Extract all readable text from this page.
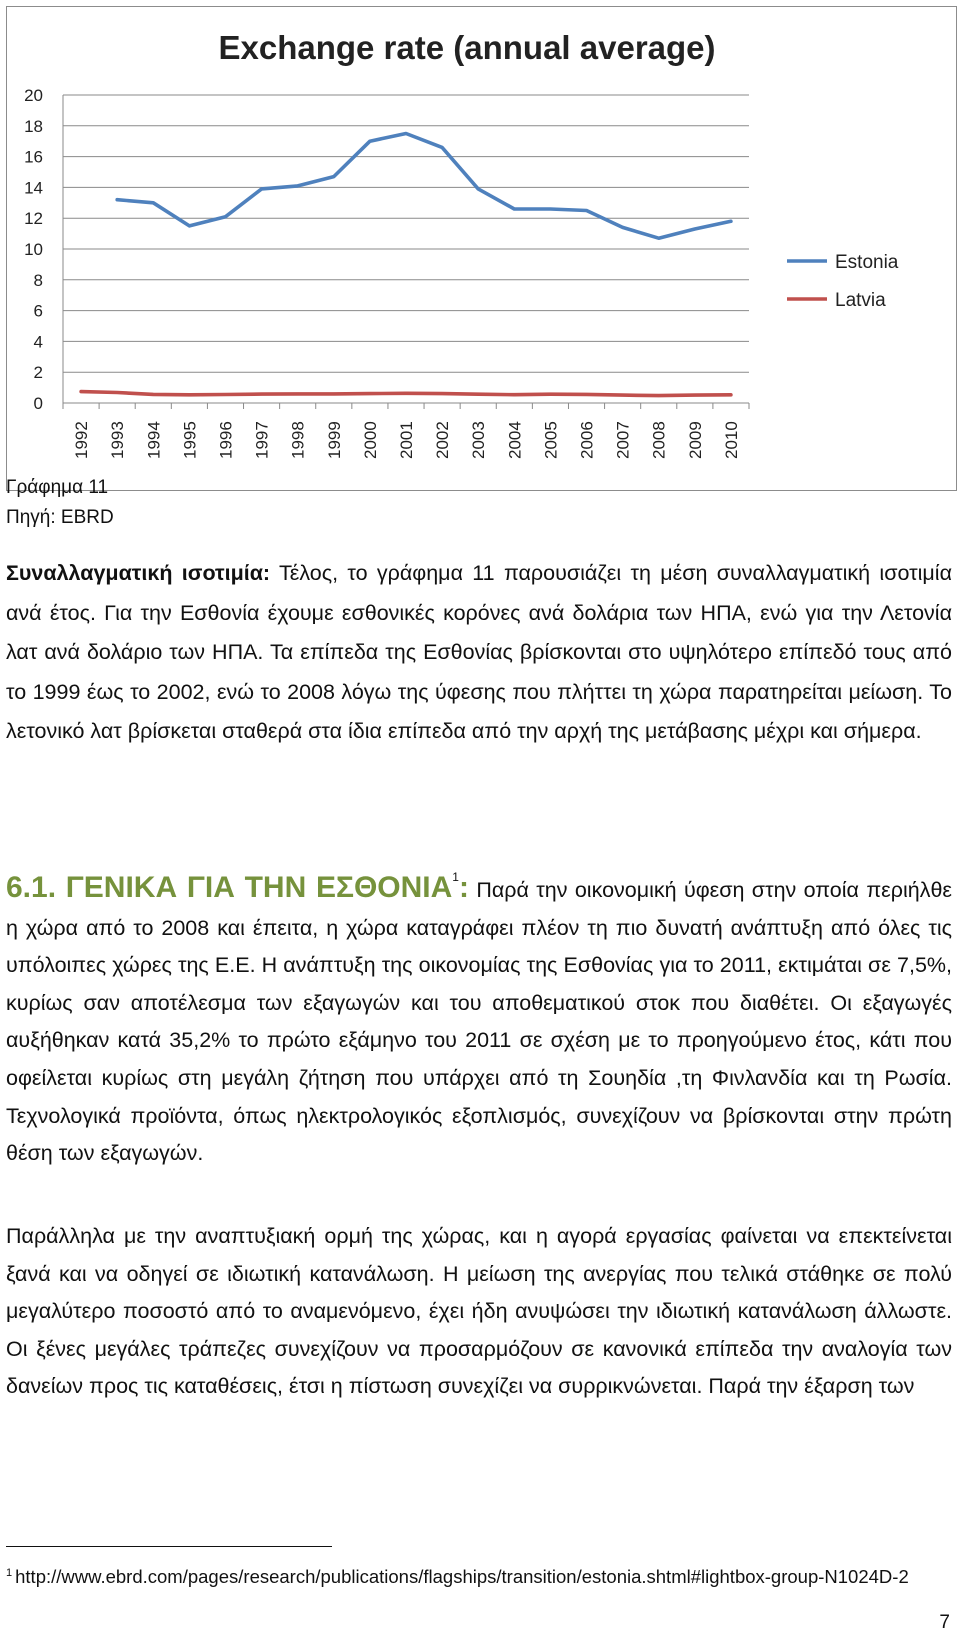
Exchange rate (annual average)
0
2
4
6
8
10
12
14
16
18
20
1992 1993 1994 1995 1996 1997 1998 1999 2000 2001 2002 2003 2004 2005 2006 2007 2008 2009 2010
Estonia
Latvia
Γράφημα 11
Πηγή: EBRD

Συναλλαγματική ισοτιμία: Τέλος, το γράφημα 11 παρουσιάζει τη μέση συναλλαγματική ισοτιμία ανά έτος. Για την Εσθονία έχουμε εσθονικές κορόνες ανά δολάρια των ΗΠΑ, ενώ για την Λετονία λατ ανά δολάριο των ΗΠΑ. Τα επίπεδα της Εσθονίας βρίσκονται στο υψηλότερο επίπεδό τους από το 1999 έως το 2002, ενώ το 2008 λόγω της ύφεσης που πλήττει τη χώρα παρατηρείται μείωση. Το λετονικό λατ βρίσκεται σταθερά στα ίδια επίπεδα από την αρχή της μετάβασης μέχρι και σήμερα.

6.1. ΓΕΝΙΚΑ ΓΙΑ ΤΗΝ ΕΣΘΟΝΙΑ$^1$: Παρά την οικονομική ύφεση στην οποία περιήλθε η χώρα από το 2008 και έπειτα, η χώρα καταγράφει πλέον τη πιο δυνατή ανάπτυξη από όλες τις υπόλοιπες χώρες της Ε.Ε. Η ανάπτυξη της οικονομίας της Εσθονίας για το 2011, εκτιμάται σε 7,5%, κυρίως σαν αποτέλεσμα των εξαγωγών και του αποθεματικού στοκ που διαθέτει. Οι εξαγωγές αυξήθηκαν κατά 35,2% το πρώτο εξάμηνο του 2011 σε σχέση με το προηγούμενο έτος, κάτι που οφείλεται κυρίως στη μεγάλη ζήτηση που υπάρχει από τη Σουηδία ,τη Φινλανδία και τη Ρωσία. Τεχνολογικά προϊόντα, όπως ηλεκτρολογικός εξοπλισμός, συνεχίζουν να βρίσκονται στην πρώτη θέση των εξαγωγών.

Παράλληλα με την αναπτυξιακή ορμή της χώρας, και η αγορά εργασίας φαίνεται να επεκτείνεται ξανά και να οδηγεί σε ιδιωτική κατανάλωση. Η μείωση της ανεργίας που τελικά στάθηκε σε πολύ μεγαλύτερο ποσοστό από το αναμενόμενο, έχει ήδη ανυψώσει την ιδιωτική κατανάλωση άλλωστε. Οι ξένες μεγάλες τράπεζες συνεχίζουν να προσαρμόζουν σε κανονικά επίπεδα την αναλογία των δανείων προς τις καταθέσεις, έτσι η πίστωση συνεχίζει να συρρικνώνεται. Παρά την έξαρση των

$^1$ http://www.ebrd.com/pages/research/publications/flagships/transition/estonia.shtml#lightbox-group-N1024D-2
7
